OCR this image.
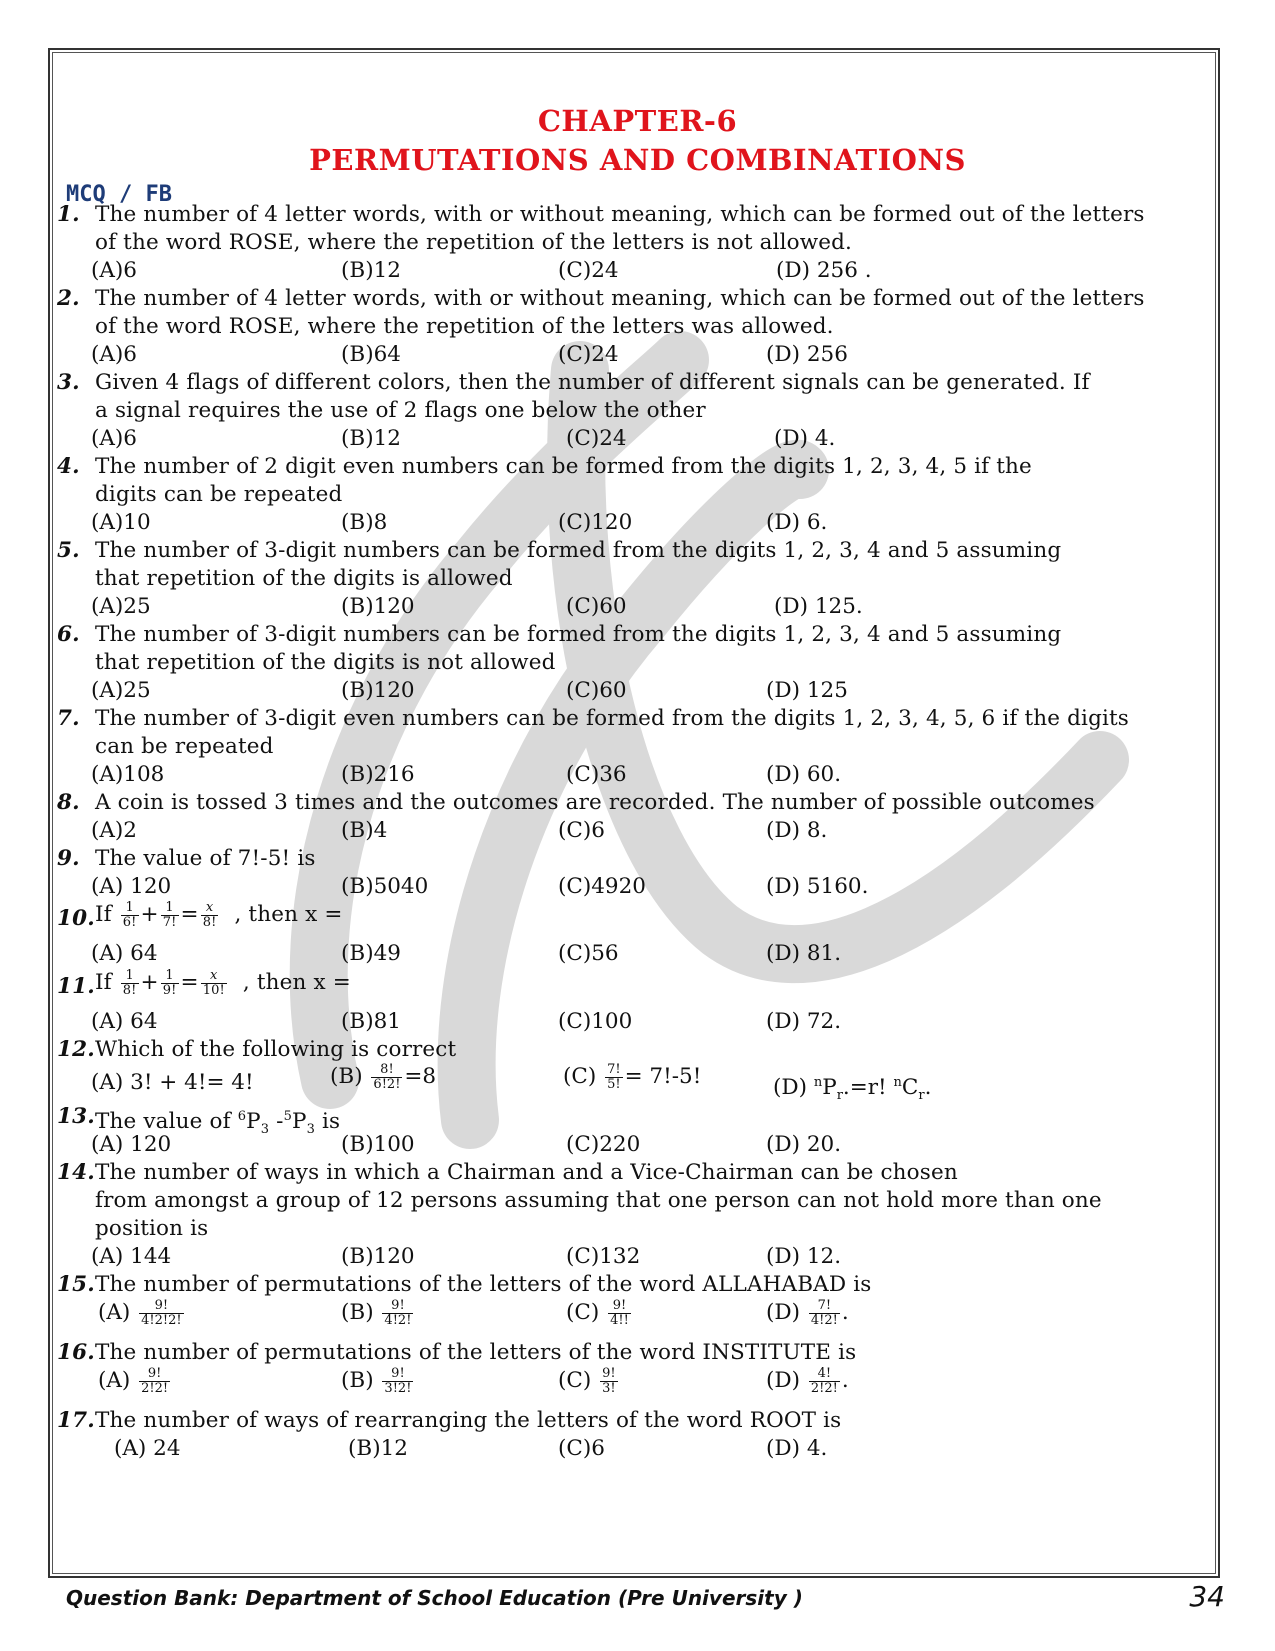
CHAPTER-6
PERMUTATIONS AND COMBINATIONS
MCQ / FB
1. The number of 4 letter words, with or without meaning, which can be formed out of the letters
of the word ROSE, where the repetition of the letters is not allowed.
(A)6	(B)12	(C)24	(D) 256 .
2. The number of 4 letter words, with or without meaning, which can be formed out of the letters
of the word ROSE, where the repetition of the letters was allowed.
(A)6	(B)64	(C)24	(D) 256
3. Given 4 flags of different colors, then the number of different signals can be generated. If
a signal requires the use of 2 flags one below the other
(A)6	(B)12	(C)24	(D) 4.
4. The number of 2 digit even numbers can be formed from the digits 1, 2, 3, 4, 5 if the
digits can be repeated
(A)10	(B)8	(C)120	(D) 6.
5. The number of 3-digit numbers can be formed from the digits 1, 2, 3, 4 and 5 assuming
that repetition of the digits is allowed
(A)25	(B)120	(C)60	(D) 125.
6. The number of 3-digit numbers can be formed from the digits 1, 2, 3, 4 and 5 assuming
that repetition of the digits is not allowed
(A)25	(B)120	(C)60	(D) 125
7. The number of 3-digit even numbers can be formed from the digits 1, 2, 3, 4, 5, 6 if the digits
can be repeated
(A)108	(B)216	(C)36	(D) 60.
8. A coin is tossed 3 times and the outcomes are recorded. The number of possible outcomes
(A)2	(B)4	(C)6	(D) 8.
9. The value of 7!-5! is
(A) 120	(B)5040	(C)4920	(D) 5160.
10. If $\frac{1}{6!} + \frac{1}{7!} = \frac{x}{8!}$ , then x =
(A) 64	(B)49	(C)56	(D) 81.
11. If $\frac{1}{8!} + \frac{1}{9!} = \frac{x}{10!}$ , then x =
(A) 64	(B)81	(C)100	(D) 72.
12. Which of the following is correct
(A) 3! + 4!= 4!	$(B) \frac{8!}{6!2!} =8$	$(C) \frac{7!}{5!} = 7!-5$!	(D) $^nP_r.=r$! $^nC_r$.
13. The value of $^6P_3$ $-^5P_3$ is
(A) 120	(B)100	(C)220	(D) 20.
14. The number of ways in which a Chairman and a Vice-Chairman can be chosen
from amongst a group of 12 persons assuming that one person can not hold more than one
position is
(A) 144	(B)120	(C)132	(D) 12.
15. The number of permutations of the letters of the word ALLAHABAD is
$(A) \frac{9!}{4!2!2!}$	$(B) \frac{9!}{4!2!}$	$(C) \frac{9!}{4!!}$	$(D) \frac{7!}{4!2!}$ .
16. The number of permutations of the letters of the word INSTITUTE is
$(A) \frac{9!}{2!2!}$	$(B) \frac{9!}{3!2!}$	$(C) \frac{9!}{3!}$	$(D) \frac{4!}{2!2!}$ .
17. The number of ways of rearranging the letters of the word ROOT is
(A) 24	(B)12	(C)6	(D) 4.
Question Bank: Department of School Education (Pre University )	34
